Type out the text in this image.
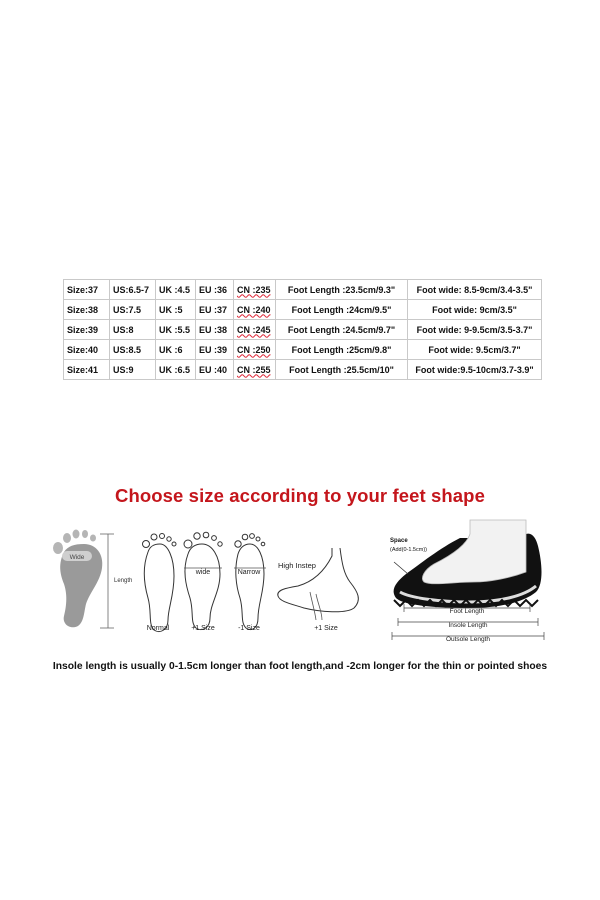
Size:37	US:6.5-7	UK :4.5	EU :36	CN :235	Foot Length :23.5cm/9.3"	Foot wide: 8.5-9cm/3.4-3.5"
Size:38	US:7.5	UK :5	EU :37	CN :240	Foot Length :24cm/9.5"	Foot wide: 9cm/3.5"
Size:39	US:8	UK :5.5	EU :38	CN :245	Foot Length :24.5cm/9.7"	Foot wide: 9-9.5cm/3.5-3.7"
Size:40	US:8.5	UK :6	EU :39	CN :250	Foot Length :25cm/9.8"	Foot wide: 9.5cm/3.7"
Size:41	US:9	UK :6.5	EU :40	CN :255	Foot Length :25.5cm/10"	Foot wide:9.5-10cm/3.7-3.9"
Choose size according to your feet shape
Wide
Length
Normal
wide
+1 Size
Narrow
-1 Size
High Instep
+1 Size
Space
(Add(0-1.5cm))
Foot Length
Insole Length
Outsole Length
Insole length is usually 0-1.5cm longer than foot length,and -2cm longer for the thin or pointed shoes
